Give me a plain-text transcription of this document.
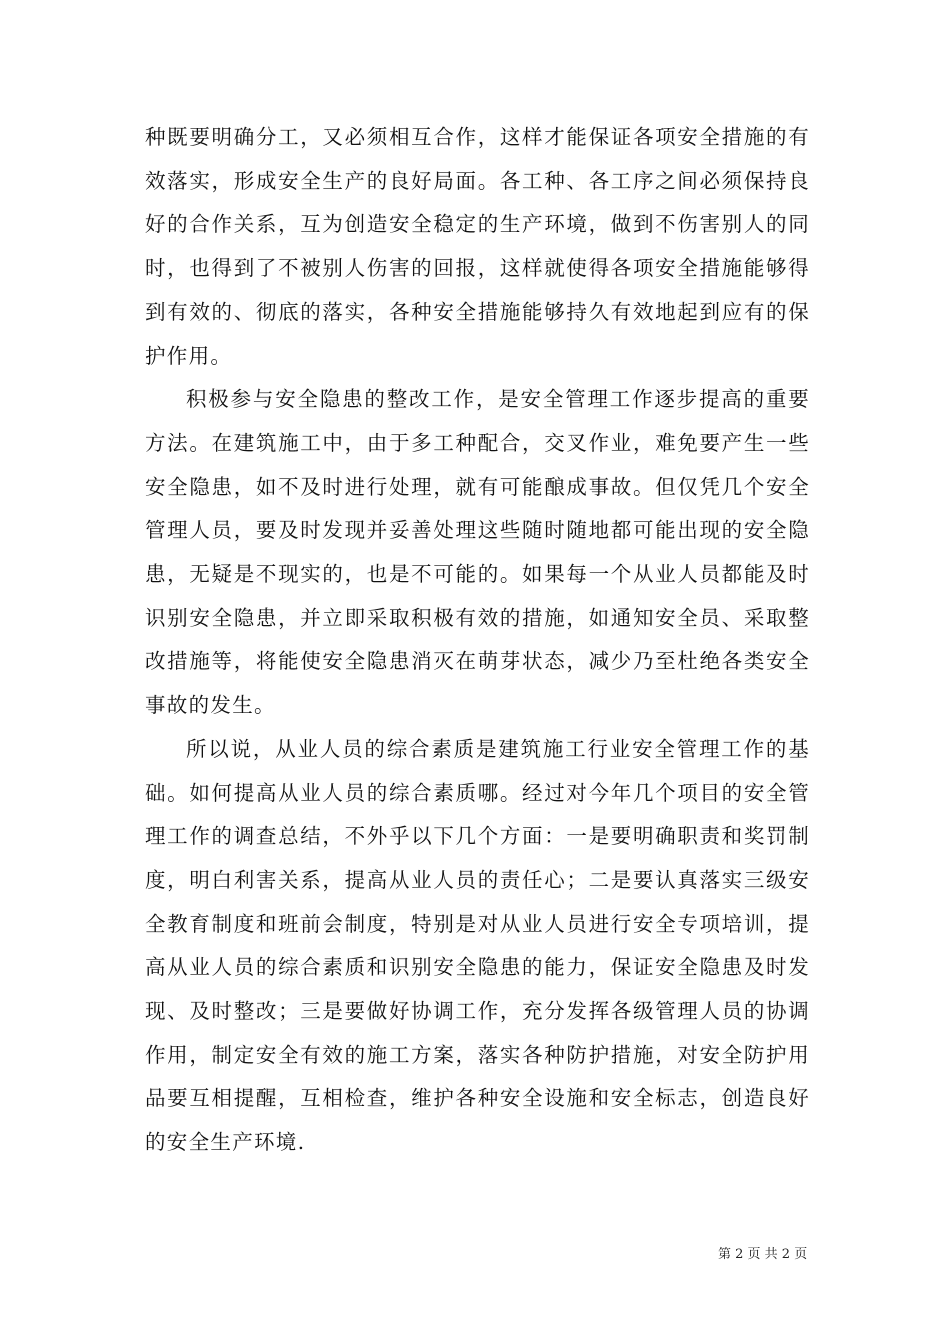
种既要明确分工，又必须相互合作，这样才能保证各项安全措施的有效落实，形成安全生产的良好局面。各工种、各工序之间必须保持良好的合作关系，互为创造安全稳定的生产环境，做到不伤害别人的同时，也得到了不被别人伤害的回报，这样就使得各项安全措施能够得到有效的、彻底的落实，各种安全措施能够持久有效地起到应有的保护作用。

积极参与安全隐患的整改工作，是安全管理工作逐步提高的重要方法。在建筑施工中，由于多工种配合，交叉作业，难免要产生一些安全隐患，如不及时进行处理，就有可能酿成事故。但仅凭几个安全管理人员，要及时发现并妥善处理这些随时随地都可能出现的安全隐患，无疑是不现实的，也是不可能的。如果每一个从业人员都能及时识别安全隐患，并立即采取积极有效的措施，如通知安全员、采取整改措施等，将能使安全隐患消灭在萌芽状态，减少乃至杜绝各类安全事故的发生。

所以说，从业人员的综合素质是建筑施工行业安全管理工作的基础。如何提高从业人员的综合素质哪。经过对今年几个项目的安全管理工作的调查总结，不外乎以下几个方面：一是要明确职责和奖罚制度，明白利害关系，提高从业人员的责任心；二是要认真落实三级安全教育制度和班前会制度，特别是对从业人员进行安全专项培训，提高从业人员的综合素质和识别安全隐患的能力，保证安全隐患及时发现、及时整改；三是要做好协调工作，充分发挥各级管理人员的协调作用，制定安全有效的施工方案，落实各种防护措施，对安全防护用品要互相提醒，互相检查，维护各种安全设施和安全标志，创造良好的安全生产环境.

第 2 页 共 2 页
